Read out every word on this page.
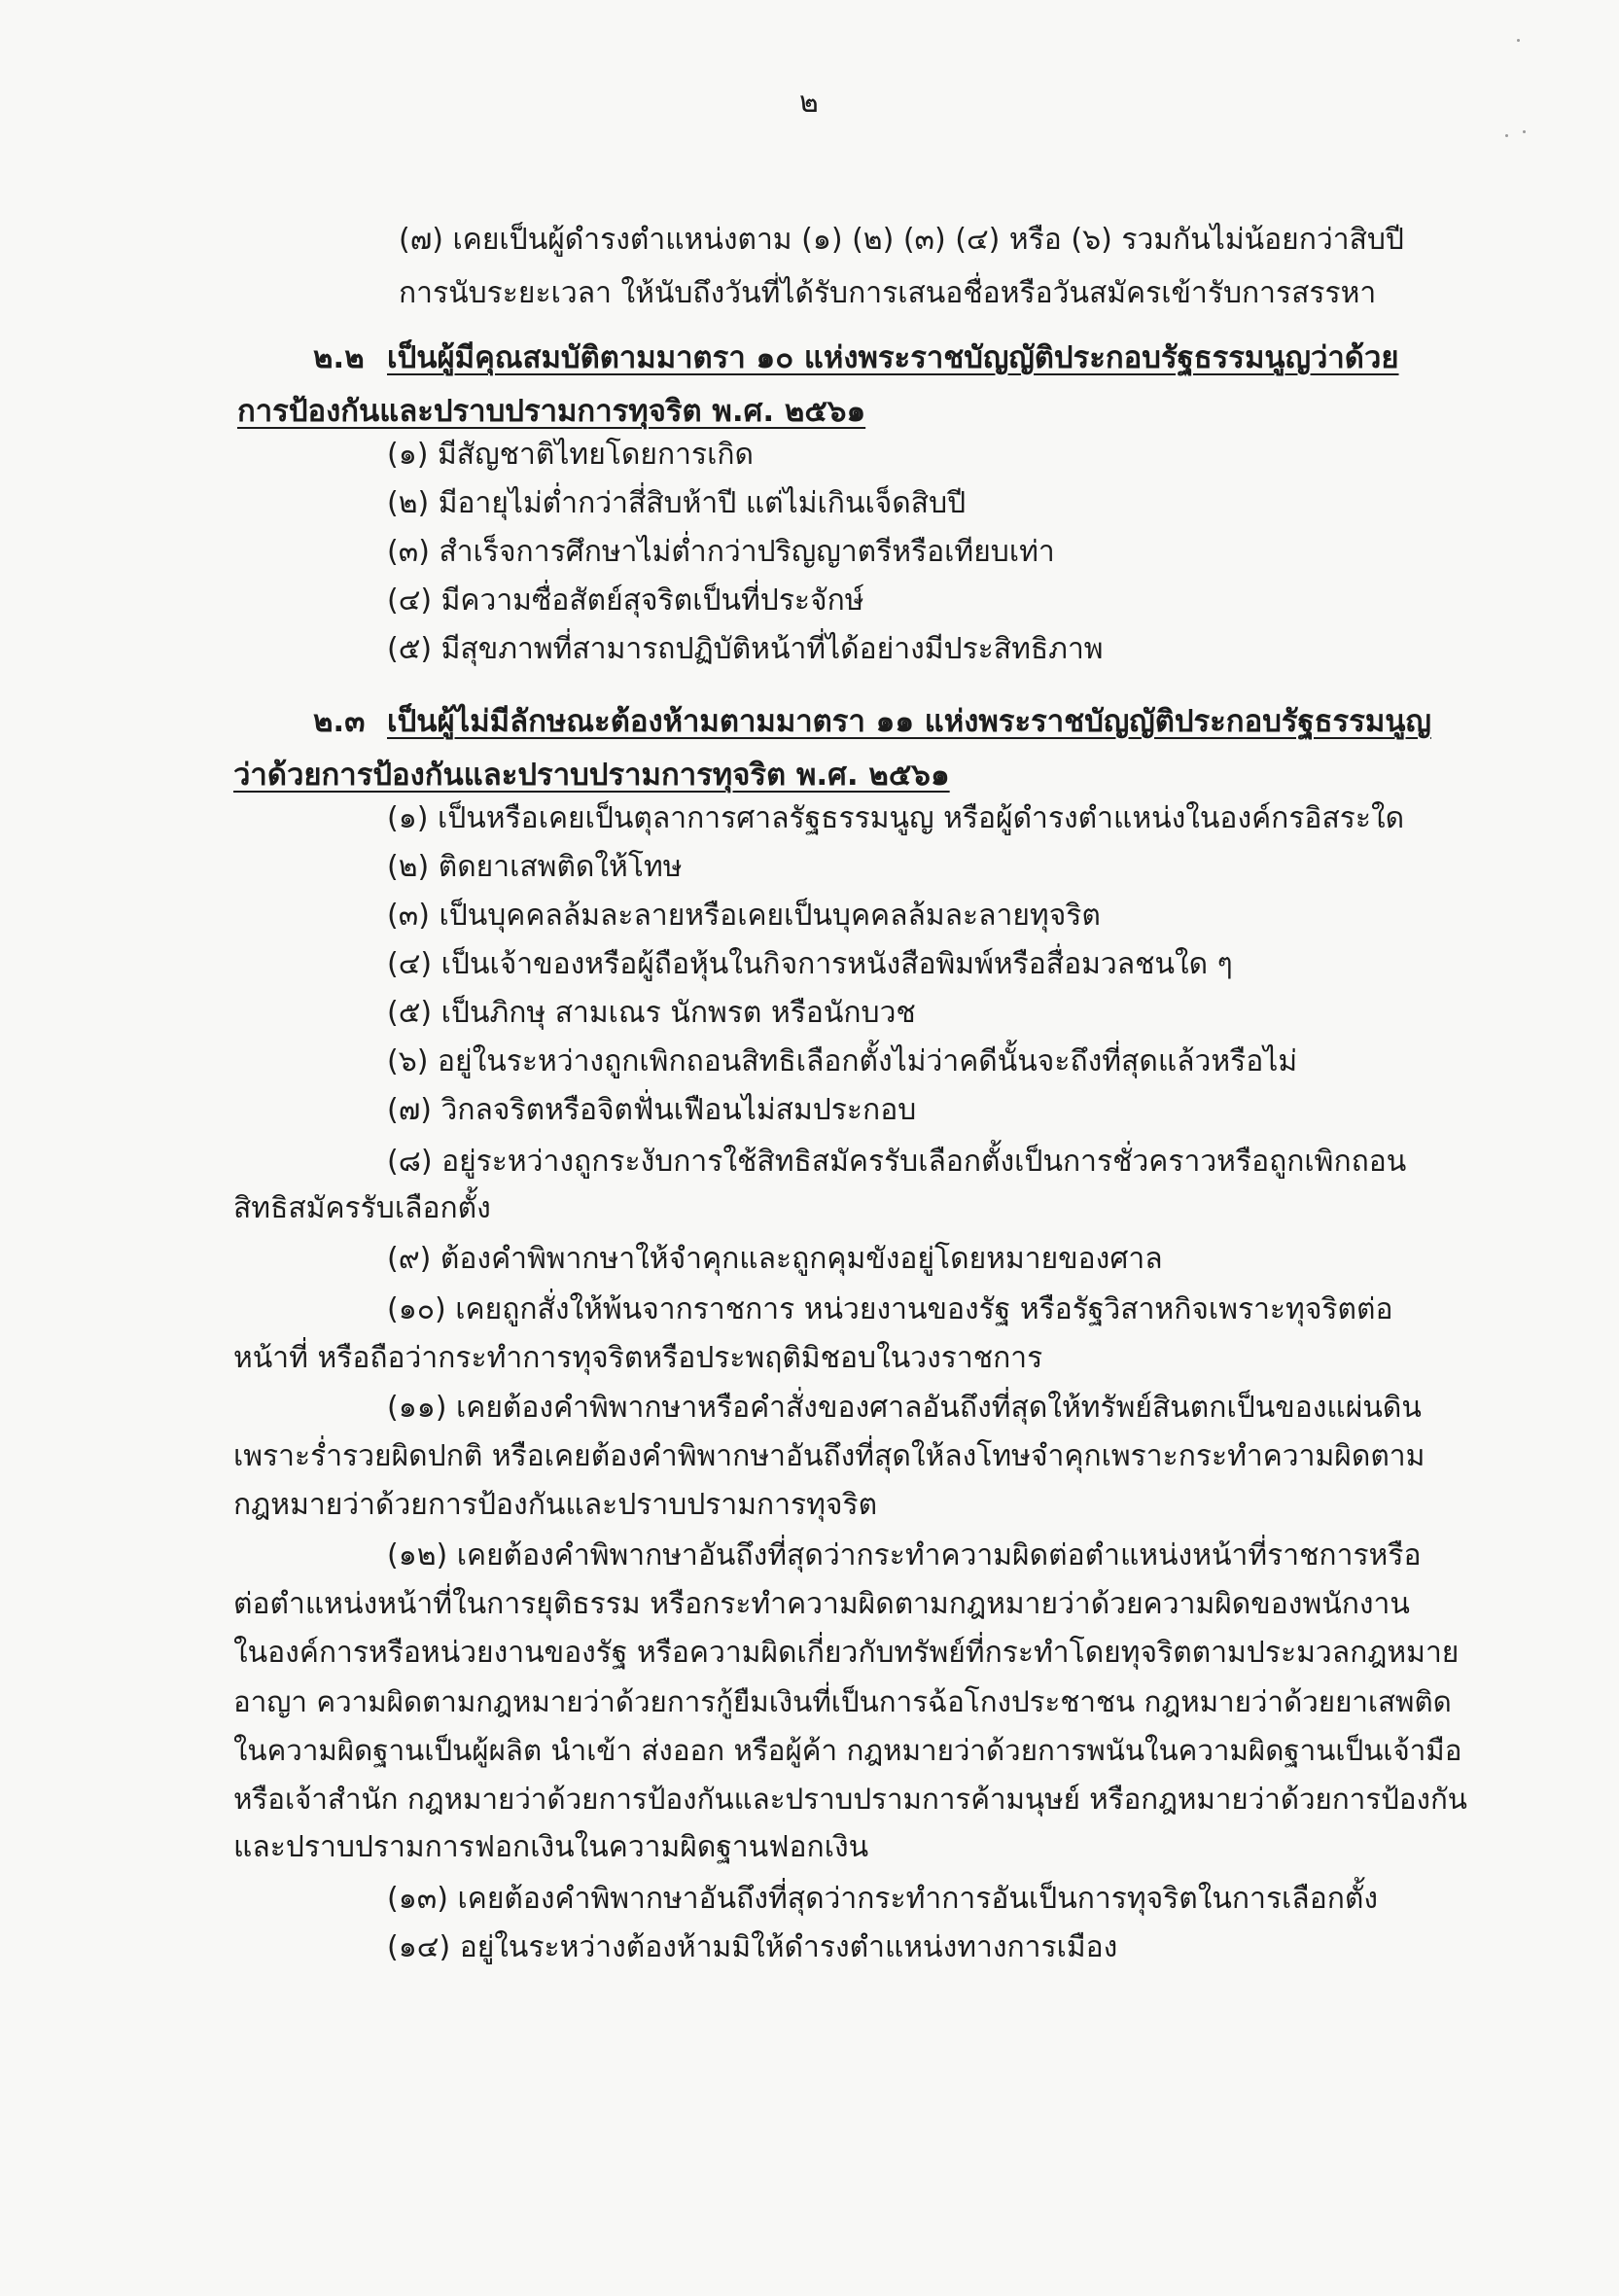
๒
(๗) เคยเป็นผู้ดำรงตำแหน่งตาม (๑) (๒) (๓) (๔) หรือ (๖) รวมกันไม่น้อยกว่าสิบปี
การนับระยะเวลา ให้นับถึงวันที่ได้รับการเสนอชื่อหรือวันสมัครเข้ารับการสรรหา
๒.๒ เป็นผู้มีคุณสมบัติตามมาตรา ๑๐ แห่งพระราชบัญญัติประกอบรัฐธรรมนูญว่าด้วย
การป้องกันและปราบปรามการทุจริต พ.ศ. ๒๕๖๑
(๑) มีสัญชาติไทยโดยการเกิด
(๒) มีอายุไม่ต่ำกว่าสี่สิบห้าปี แต่ไม่เกินเจ็ดสิบปี
(๓) สำเร็จการศึกษาไม่ต่ำกว่าปริญญาตรีหรือเทียบเท่า
(๔) มีความซื่อสัตย์สุจริตเป็นที่ประจักษ์
(๕) มีสุขภาพที่สามารถปฏิบัติหน้าที่ได้อย่างมีประสิทธิภาพ
๒.๓ เป็นผู้ไม่มีลักษณะต้องห้ามตามมาตรา ๑๑ แห่งพระราชบัญญัติประกอบรัฐธรรมนูญ
ว่าด้วยการป้องกันและปราบปรามการทุจริต พ.ศ. ๒๕๖๑
(๑) เป็นหรือเคยเป็นตุลาการศาลรัฐธรรมนูญ หรือผู้ดำรงตำแหน่งในองค์กรอิสระใด
(๒) ติดยาเสพติดให้โทษ
(๓) เป็นบุคคลล้มละลายหรือเคยเป็นบุคคลล้มละลายทุจริต
(๔) เป็นเจ้าของหรือผู้ถือหุ้นในกิจการหนังสือพิมพ์หรือสื่อมวลชนใด ๆ
(๕) เป็นภิกษุ สามเณร นักพรต หรือนักบวช
(๖) อยู่ในระหว่างถูกเพิกถอนสิทธิเลือกตั้งไม่ว่าคดีนั้นจะถึงที่สุดแล้วหรือไม่
(๗) วิกลจริตหรือจิตฟั่นเฟือนไม่สมประกอบ
(๘) อยู่ระหว่างถูกระงับการใช้สิทธิสมัครรับเลือกตั้งเป็นการชั่วคราวหรือถูกเพิกถอน
สิทธิสมัครรับเลือกตั้ง
(๙) ต้องคำพิพากษาให้จำคุกและถูกคุมขังอยู่โดยหมายของศาล
(๑๐) เคยถูกสั่งให้พ้นจากราชการ หน่วยงานของรัฐ หรือรัฐวิสาหกิจเพราะทุจริตต่อ
หน้าที่ หรือถือว่ากระทำการทุจริตหรือประพฤติมิชอบในวงราชการ
(๑๑) เคยต้องคำพิพากษาหรือคำสั่งของศาลอันถึงที่สุดให้ทรัพย์สินตกเป็นของแผ่นดิน
เพราะร่ำรวยผิดปกติ หรือเคยต้องคำพิพากษาอันถึงที่สุดให้ลงโทษจำคุกเพราะกระทำความผิดตาม
กฎหมายว่าด้วยการป้องกันและปราบปรามการทุจริต
(๑๒) เคยต้องคำพิพากษาอันถึงที่สุดว่ากระทำความผิดต่อตำแหน่งหน้าที่ราชการหรือ
ต่อตำแหน่งหน้าที่ในการยุติธรรม หรือกระทำความผิดตามกฎหมายว่าด้วยความผิดของพนักงาน
ในองค์การหรือหน่วยงานของรัฐ หรือความผิดเกี่ยวกับทรัพย์ที่กระทำโดยทุจริตตามประมวลกฎหมาย
อาญา ความผิดตามกฎหมายว่าด้วยการกู้ยืมเงินที่เป็นการฉ้อโกงประชาชน กฎหมายว่าด้วยยาเสพติด
ในความผิดฐานเป็นผู้ผลิต นำเข้า ส่งออก หรือผู้ค้า กฎหมายว่าด้วยการพนันในความผิดฐานเป็นเจ้ามือ
หรือเจ้าสำนัก กฎหมายว่าด้วยการป้องกันและปราบปรามการค้ามนุษย์ หรือกฎหมายว่าด้วยการป้องกัน
และปราบปรามการฟอกเงินในความผิดฐานฟอกเงิน
(๑๓) เคยต้องคำพิพากษาอันถึงที่สุดว่ากระทำการอันเป็นการทุจริตในการเลือกตั้ง
(๑๔) อยู่ในระหว่างต้องห้ามมิให้ดำรงตำแหน่งทางการเมือง
